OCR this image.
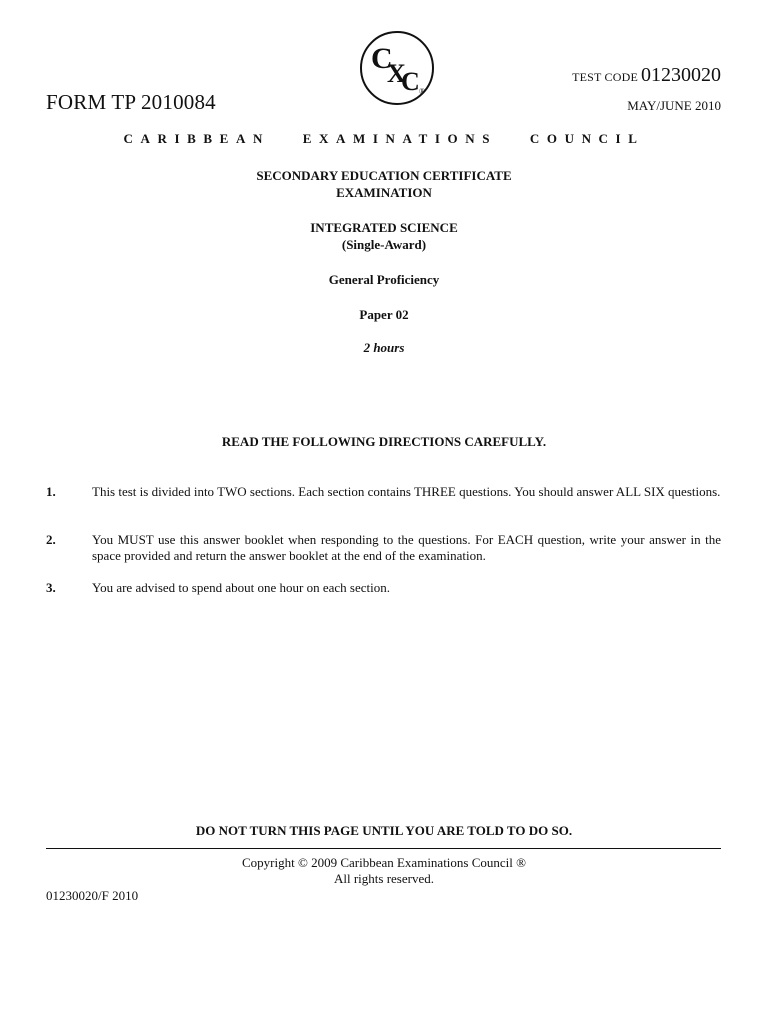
FORM TP 2010084
C
X
C ®
TEST CODE 01230020
MAY/JUNE 2010
CARIBBEAN EXAMINATIONS COUNCIL
SECONDARY EDUCATION CERTIFICATE
EXAMINATION
INTEGRATED SCIENCE
(Single-Award)
General Proficiency
Paper 02
2 hours
READ THE FOLLOWING DIRECTIONS CAREFULLY.
1.	This test is divided into TWO sections. Each section contains THREE questions. You should answer ALL SIX questions.
2.	You MUST use this answer booklet when responding to the questions. For EACH question, write your answer in the space provided and return the answer booklet at the end of the examination.
3.	You are advised to spend about one hour on each section.
DO NOT TURN THIS PAGE UNTIL YOU ARE TOLD TO DO SO.
Copyright © 2009 Caribbean Examinations Council ®
All rights reserved.
01230020/F 2010
